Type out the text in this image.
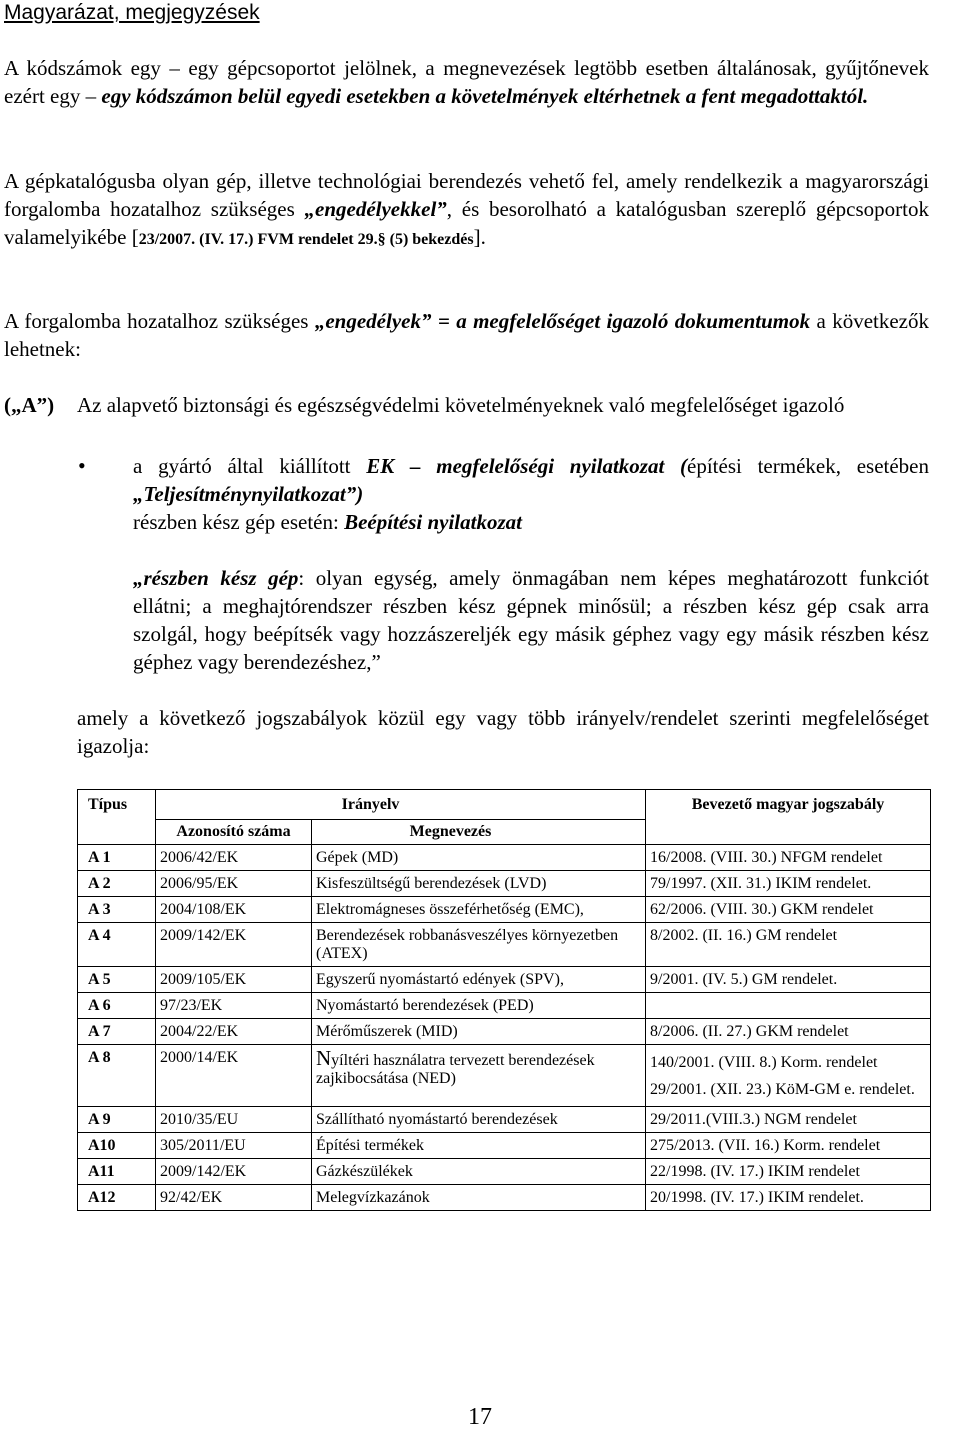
Magyarázat, megjegyzések
A kódszámok egy – egy gépcsoportot jelölnek, a megnevezések legtöbb esetben általánosak, gyűjtőnevek ezért egy – egy kódszámon belül egyedi esetekben a követelmények eltérhetnek a fent megadottaktól.
A gépkatalógusba olyan gép, illetve technológiai berendezés vehető fel, amely rendelkezik a magyarországi forgalomba hozatalhoz szükséges „engedélyekkel”, és besorolható a katalógusban szereplő gépcsoportok valamelyikébe [23/2007. (IV. 17.) FVM rendelet 29.§ (5) bekezdés].
A forgalomba hozatalhoz szükséges „engedélyek” = a megfelelőséget igazoló dokumentumok a következők lehetnek:
(„A”) Az alapvető biztonsági és egészségvédelmi követelményeknek való megfelelőséget igazoló
• a gyártó által kiállított EK – megfelelőségi nyilatkozat (építési termékek, esetében „Teljesítménynyilatkozat”)
részben kész gép esetén: Beépítési nyilatkozat
„részben kész gép: olyan egység, amely önmagában nem képes meghatározott funkciót ellátni; a meghajtórendszer részben kész gépnek minősül; a részben kész gép csak arra szolgál, hogy beépítsék vagy hozzászereljék egy másik géphez vagy egy másik részben kész géphez vagy berendezéshez,”
amely a következő jogszabályok közül egy vagy több irányelv/rendelet szerinti megfelelőséget igazolja:
Típus	Irányelv		Bevezető magyar jogszabály
	Azonosító száma	Megnevezés	
A 1	2006/42/EK	Gépek (MD)	16/2008. (VIII. 30.) NFGM rendelet
A 2	2006/95/EK	Kisfeszültségű berendezések (LVD)	79/1997. (XII. 31.) IKIM rendelet.
A 3	2004/108/EK	Elektromágneses összeférhetőség (EMC),	62/2006. (VIII. 30.) GKM rendelet
A 4	2009/142/EK	Berendezések robbanásveszélyes környezetben (ATEX)	8/2002. (II. 16.) GM rendelet
A 5	2009/105/EK	Egyszerű nyomástartó edények (SPV),	9/2001. (IV. 5.) GM rendelet.
A 6	97/23/EK	Nyomástartó berendezések (PED)	
A 7	2004/22/EK	Mérőműszerek (MID)	8/2006. (II. 27.) GKM rendelet
A 8	2000/14/EK	Nyíltéri használatra tervezett berendezések zajkibocsátása (NED)	140/2001. (VIII. 8.) Korm. rendelet
29/2001. (XII. 23.) KöM-GM e. rendelet.

A 9	2010/35/EU	Szállítható nyomástartó berendezések	29/2011.(VIII.3.) NGM rendelet
A10	305/2011/EU	Építési termékek	275/2013. (VII. 16.) Korm. rendelet
A11	2009/142/EK	Gázkészülékek	22/1998. (IV. 17.) IKIM rendelet
A12	92/42/EK	Melegvízkazánok	20/1998. (IV. 17.) IKIM rendelet.
17
